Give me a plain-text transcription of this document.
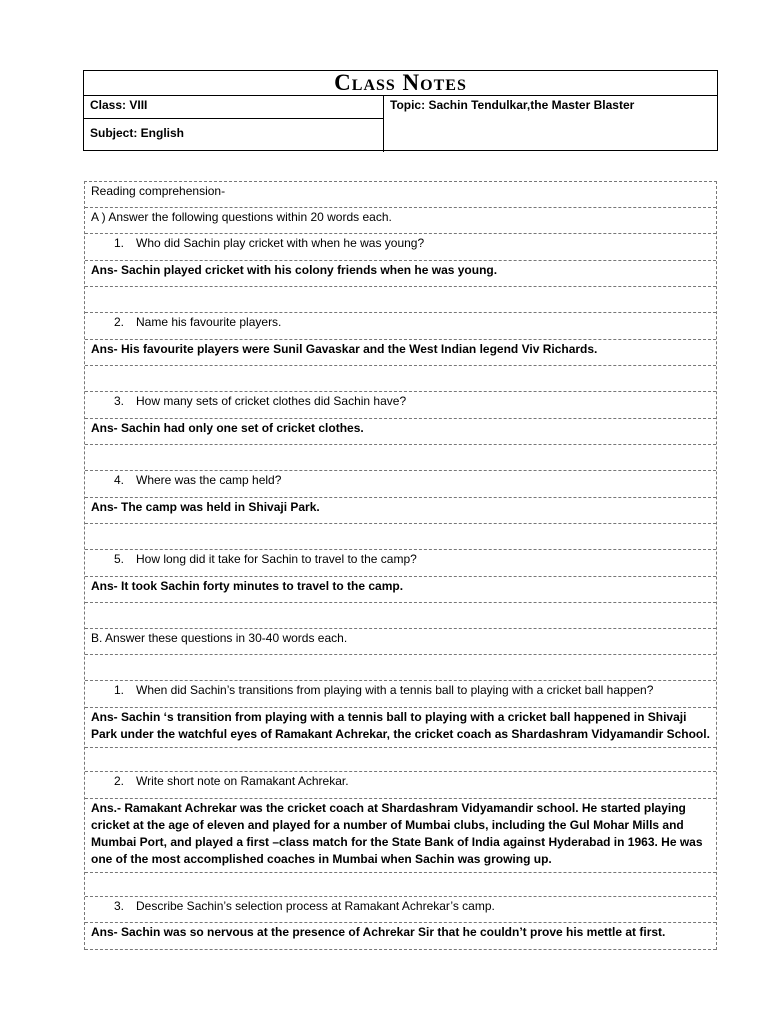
Class Notes
Class: VIII
Subject: English
Topic: Sachin Tendulkar,the Master Blaster
Reading comprehension-
A ) Answer the following questions within 20 words each.
1. Who did Sachin play cricket with when he was young?
Ans- Sachin played cricket with his colony friends when he was young.
2. Name his favourite players.
Ans- His favourite players were Sunil Gavaskar and the West Indian legend Viv Richards.
3. How many sets of cricket clothes did Sachin have?
Ans- Sachin had only one set of cricket clothes.
4. Where was the camp held?
Ans- The camp was held in Shivaji Park.
5. How long did it take for Sachin to travel to the camp?
Ans- It took Sachin forty minutes to travel to the camp.
B. Answer these questions in 30-40 words each.
1. When did Sachin’s transitions from playing with a tennis ball to playing with a cricket ball happen?
Ans- Sachin ‘s transition from playing with a tennis ball to playing with a cricket ball happened in Shivaji Park under the watchful eyes of Ramakant Achrekar, the cricket coach as Shardashram Vidyamandir School.
2. Write short note on Ramakant Achrekar.
Ans.- Ramakant Achrekar was the cricket coach at Shardashram Vidyamandir school. He started playing cricket at the age of eleven and played for a number of Mumbai clubs, including the Gul Mohar Mills and Mumbai Port, and played a first –class match for the State Bank of India against Hyderabad in 1963. He was one of the most accomplished coaches in Mumbai when Sachin was growing up.
3. Describe Sachin’s selection process at Ramakant Achrekar’s camp.
Ans- Sachin was so nervous at the presence of Achrekar Sir that he couldn’t prove his mettle at first.
